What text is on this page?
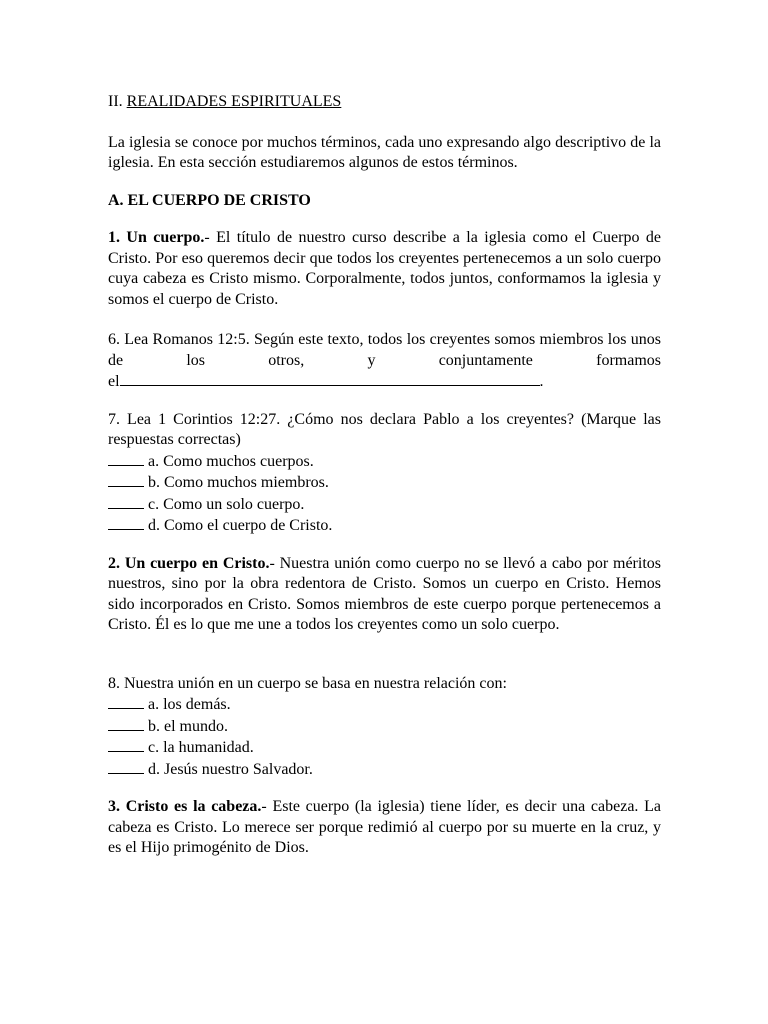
II. REALIDADES ESPIRITUALES

La iglesia se conoce por muchos términos, cada uno expresando algo descriptivo de la iglesia. En esta sección estudiaremos algunos de estos términos.

A. EL CUERPO DE CRISTO

1. Un cuerpo.- El título de nuestro curso describe a la iglesia como el Cuerpo de Cristo. Por eso queremos decir que todos los creyentes pertenecemos a un solo cuerpo cuya cabeza es Cristo mismo. Corporalmente, todos juntos, conformamos la iglesia y somos el cuerpo de Cristo.

6. Lea Romanos 12:5. Según este texto, todos los creyentes somos miembros los unos de los otros, y conjuntamente formamos

el	.

7. Lea 1 Corintios 12:27. ¿Cómo nos declara Pablo a los creyentes? (Marque las respuestas correctas)

a. Como muchos cuerpos.

b. Como muchos miembros.

c. Como un solo cuerpo.

d. Como el cuerpo de Cristo.

2. Un cuerpo en Cristo.- Nuestra unión como cuerpo no se llevó a cabo por méritos nuestros, sino por la obra redentora de Cristo. Somos un cuerpo en Cristo. Hemos sido incorporados en Cristo. Somos miembros de este cuerpo porque pertenecemos a Cristo. Él es lo que me une a todos los creyentes como un solo cuerpo.

8. Nuestra unión en un cuerpo se basa en nuestra relación con:

a. los demás.

b. el mundo.

c. la humanidad.

d. Jesús nuestro Salvador.

3. Cristo es la cabeza.- Este cuerpo (la iglesia) tiene líder, es decir una cabeza. La cabeza es Cristo. Lo merece ser porque redimió al cuerpo por su muerte en la cruz, y es el Hijo primogénito de Dios.
